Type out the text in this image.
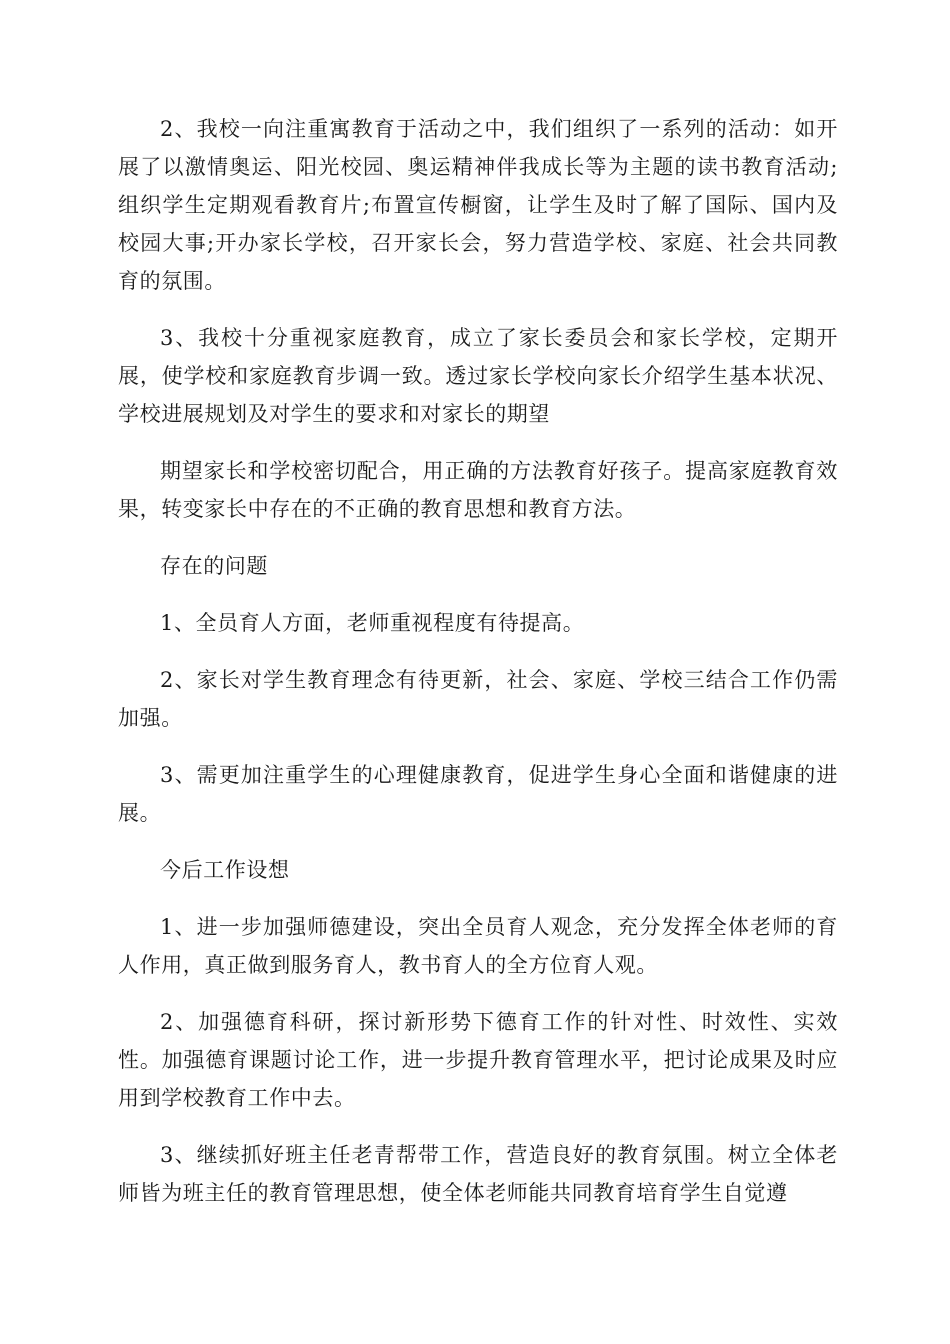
2、我校一向注重寓教育于活动之中，我们组织了一系列的活动：如开展了以激情奥运、阳光校园、奥运精神伴我成长等为主题的读书教育活动;组织学生定期观看教育片;布置宣传橱窗，让学生及时了解了国际、国内及校园大事;开办家长学校，召开家长会，努力营造学校、家庭、社会共同教育的氛围。

3、我校十分重视家庭教育，成立了家长委员会和家长学校，定期开展，使学校和家庭教育步调一致。透过家长学校向家长介绍学生基本状况、学校进展规划及对学生的要求和对家长的期望

期望家长和学校密切配合，用正确的方法教育好孩子。提高家庭教育效果，转变家长中存在的不正确的教育思想和教育方法。

存在的问题

1、全员育人方面，老师重视程度有待提高。

2、家长对学生教育理念有待更新，社会、家庭、学校三结合工作仍需加强。

3、需更加注重学生的心理健康教育，促进学生身心全面和谐健康的进展。

今后工作设想

1、进一步加强师德建设，突出全员育人观念，充分发挥全体老师的育人作用，真正做到服务育人，教书育人的全方位育人观。

2、加强德育科研，探讨新形势下德育工作的针对性、时效性、实效性。加强德育课题讨论工作，进一步提升教育管理水平，把讨论成果及时应用到学校教育工作中去。

3、继续抓好班主任老青帮带工作，营造良好的教育氛围。树立全体老师皆为班主任的教育管理思想，使全体老师能共同教育培育学生自觉遵
